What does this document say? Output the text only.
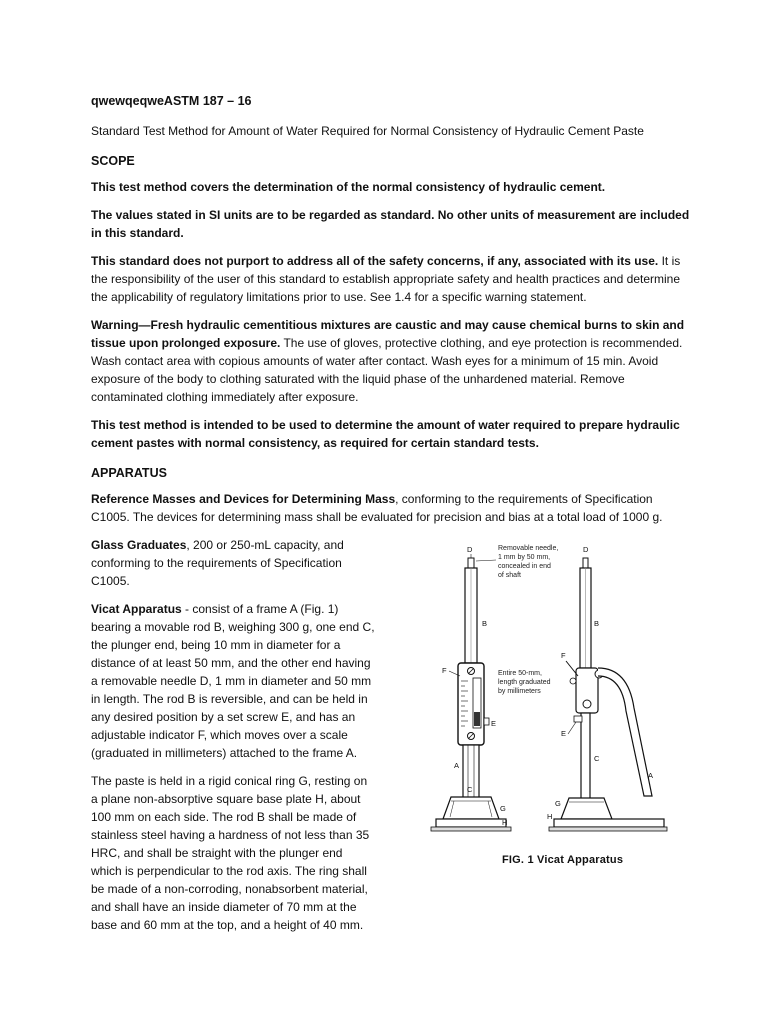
qwewqeqweASTM 187 – 16

Standard Test Method for Amount of Water Required for Normal Consistency of Hydraulic Cement Paste

SCOPE

This test method covers the determination of the normal consistency of hydraulic cement.

The values stated in SI units are to be regarded as standard. No other units of measurement are included in this standard.

This standard does not purport to address all of the safety concerns, if any, associated with its use. It is the responsibility of the user of this standard to establish appropriate safety and health practices and determine the applicability of regulatory limitations prior to use. See 1.4 for a specific warning statement.

Warning—Fresh hydraulic cementitious mixtures are caustic and may cause chemical burns to skin and tissue upon prolonged exposure. The use of gloves, protective clothing, and eye protection is recommended. Wash contact area with copious amounts of water after contact. Wash eyes for a minimum of 15 min. Avoid exposure of the body to clothing saturated with the liquid phase of the unhardened material. Remove contaminated clothing immediately after exposure.

This test method is intended to be used to determine the amount of water required to prepare hydraulic cement pastes with normal consistency, as required for certain standard tests.

APPARATUS

Reference Masses and Devices for Determining Mass, conforming to the requirements of Specification C1005. The devices for determining mass shall be evaluated for precision and bias at a total load of 1000 g.

Glass Graduates, 200 or 250-mL capacity, and conforming to the requirements of Specification C1005.

Vicat Apparatus - consist of a frame A (Fig. 1) bearing a movable rod B, weighing 300 g, one end C, the plunger end, being 10 mm in diameter for a distance of at least 50 mm, and the other end having a removable needle D, 1 mm in diameter and 50 mm in length. The rod B is reversible, and can be held in any desired position by a set screw E, and has an adjustable indicator F, which moves over a scale (graduated in millimeters) attached to the frame A.

The paste is held in a rigid conical ring G, resting on a plane non-absorptive square base plate H, about 100 mm on each side. The rod B shall be made of stainless steel having a hardness of not less than 35 HRC, and shall be straight with the plunger end which is perpendicular to the rod axis. The ring shall be made of a non-corroding, nonabsorbent material, and shall have an inside diameter of 70 mm at the base and 60 mm at the top, and a height of 40 mm.

D
B
F
E
A
C
G
H
Removable needle,
1 mm by 50 mm,
concealed in end
of shaft
Entire 50-mm,
length graduated
by millimeters
D
B
F
E
C
A
G
H
FIG. 1 Vicat Apparatus
